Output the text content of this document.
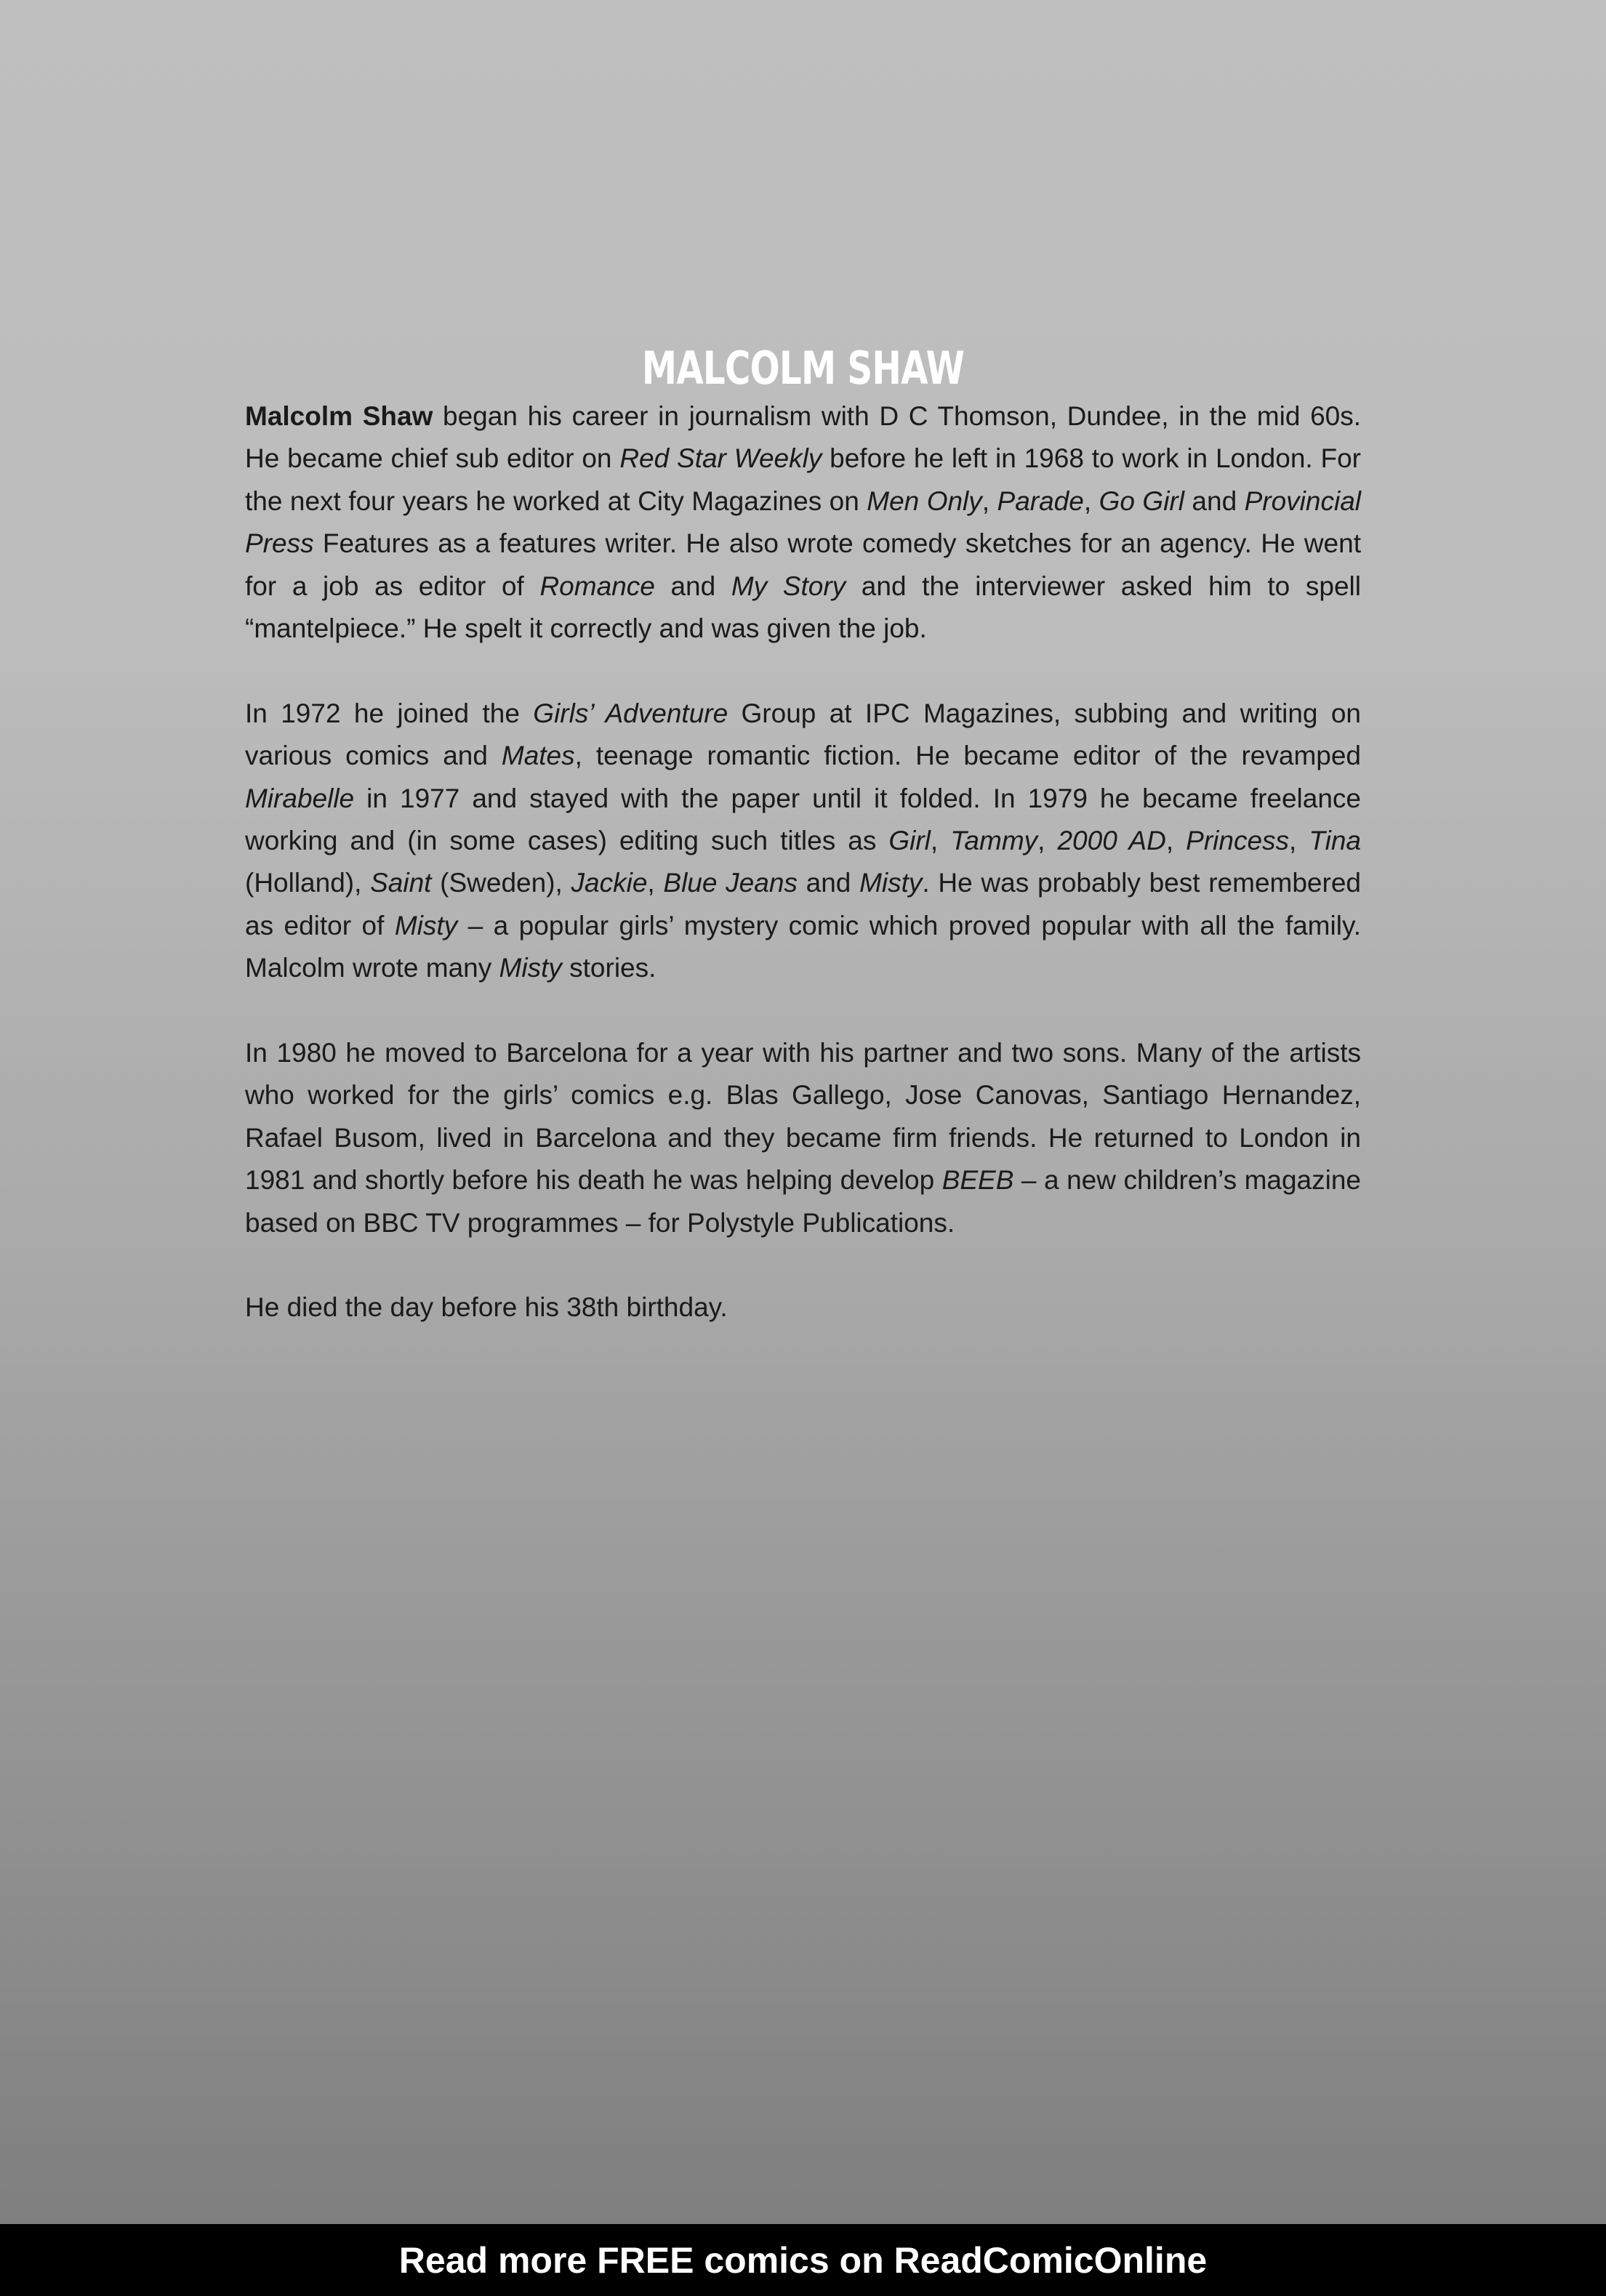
MALCOLM SHAW

Malcolm Shaw began his career in journalism with D C Thomson, Dundee, in the mid 60s. He became chief sub editor on Red Star Weekly before he left in 1968 to work in London. For the next four years he worked at City Magazines on Men Only, Parade, Go Girl and Provincial Press Features as a features writer. He also wrote comedy sketches for an agency. He went for a job as editor of Romance and My Story and the interviewer asked him to spell “mantelpiece.” He spelt it correctly and was given the job.

In 1972 he joined the Girls’ Adventure Group at IPC Magazines, subbing and writing on various comics and Mates, teenage romantic fiction. He became editor of the revamped Mirabelle in 1977 and stayed with the paper until it folded. In 1979 he became freelance working and (in some cases) editing such titles as Girl, Tammy, 2000 AD, Princess, Tina (Holland), Saint (Sweden), Jackie, Blue Jeans and Misty. He was probably best remembered as editor of Misty – a popular girls’ mystery comic which proved popular with all the family. Malcolm wrote many Misty stories.

In 1980 he moved to Barcelona for a year with his partner and two sons. Many of the artists who worked for the girls’ comics e.g. Blas Gallego, Jose Canovas, Santiago Hernandez, Rafael Busom, lived in Barcelona and they became firm friends. He returned to London in 1981 and shortly before his death he was helping develop BEEB – a new children’s magazine based on BBC TV programmes – for Polystyle Publications.

He died the day before his 38th birthday.

Read more FREE comics on ReadComicOnline
